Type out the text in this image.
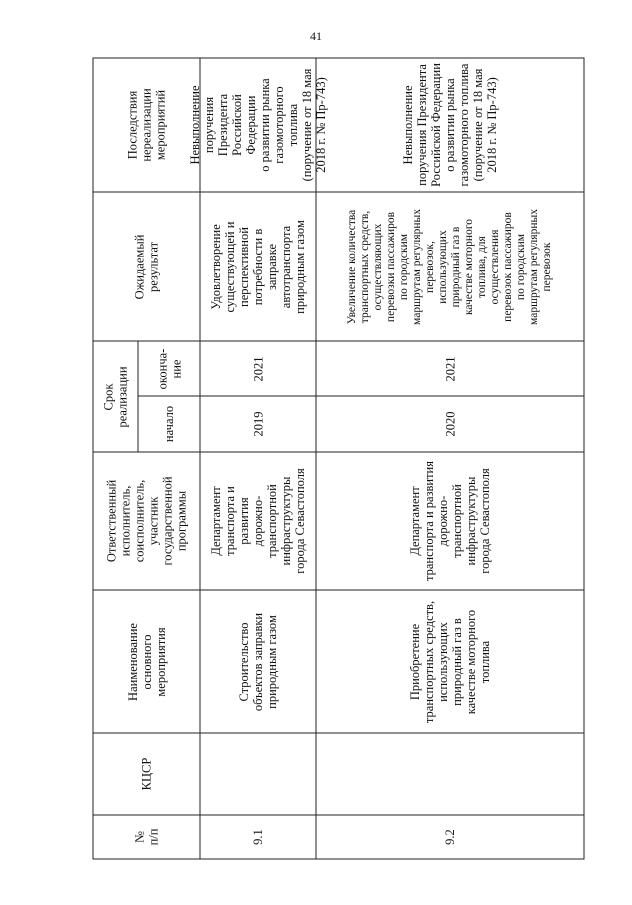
41
№
п/п
КЦСР
Наименование
основного
мероприятия
Ответственный
исполнитель,
соисполнитель,
участник
государственной
программы
Срок
реализации	начало
оконча-
ние
Ожидаемый результат
Последствия
нереализации
мероприятий
9.1
Строительство
объектов заправки
природным газом
Департамент
транспорта и развития
дорожно-
транспортной
инфраструктуры
города Севастополя
2019
2021
Удовлетворение
существующей и
перспективной
потребности в заправке
автотранспорта
природным газом
Невыполнение
поручения Президента
Российской Федерации
о развитии рынка
газомоторного топлива
(поручение от 18 мая
2018 г. № Пр-743)
9.2
Приобретение
транспортных средств,
использующих
природный газ в
качестве моторного
топлива
Департамент
транспорта и развития
дорожно-
транспортной
инфраструктуры
города Севастополя
2020
2021
Увеличение количества
транспортных средств,
осуществляющих
перевозки пассажиров
по городским
маршрутам регулярных
перевозок,
использующих
природный газ в
качестве моторного
топлива, для
осуществления
перевозок пассажиров
по городским
маршрутам регулярных
перевозок
Невыполнение
поручения Президента
Российской Федерации
о развитии рынка
газомоторного топлива
(поручение от 18 мая
2018 г. № Пр-743)
